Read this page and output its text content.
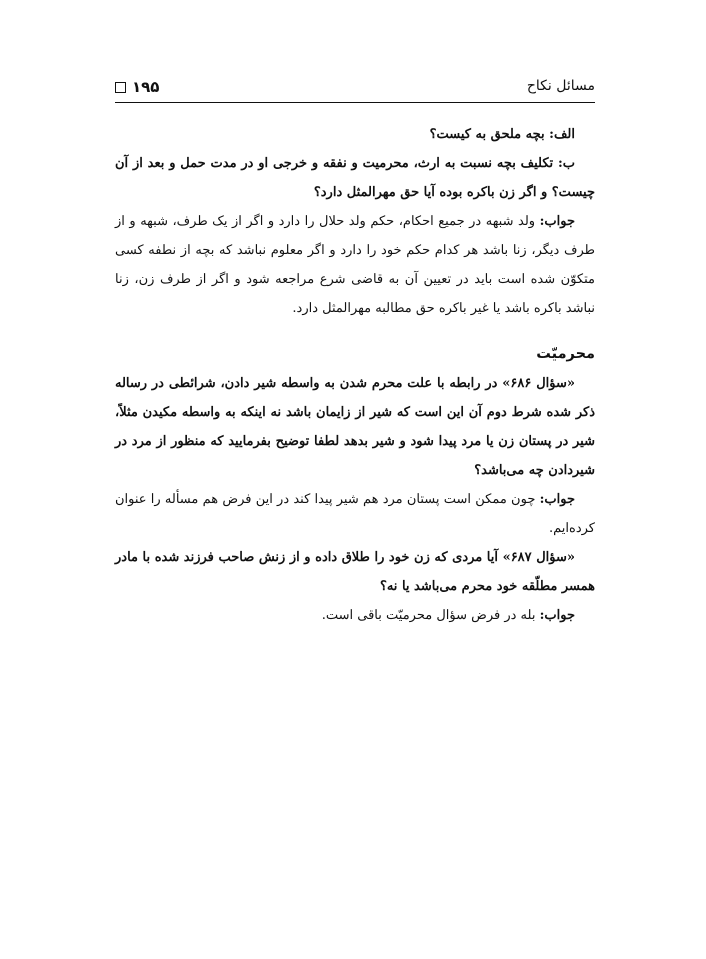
مسائل نکاح
۱۹۵
الف: بچه ملحق به کیست؟
ب: تکلیف بچه نسبت به ارث، محرمیت و نفقه و خرجی او در مدت حمل و بعد از آن چیست؟ و اگر زن باکره بوده آیا حق مهرالمثل دارد؟
جواب: ولد شبهه در جمیع احکام، حکم ولد حلال را دارد و اگر از یک طرف، شبهه و از طرف دیگر، زنا باشد هر کدام حکم خود را دارد و اگر معلوم نباشد که بچه از نطفه کسی متکوّن شده است باید در تعیین آن به قاضی شرع مراجعه شود و اگر از طرف زن، زنا نباشد باکره باشد یا غیر باکره حق مطالبه مهرالمثل دارد.
محرمیّت
«سؤال ۶۸۶» در رابطه با علت محرم شدن به واسطه شیر دادن، شرائطی در رساله ذکر شده شرط دوم آن این است که شیر از زایمان باشد نه اینکه به واسطه مکیدن مثلاً، شیر در پستان زن یا مرد پیدا شود و شیر بدهد لطفا توضیح بفرمایید که منظور از مرد در شیردادن چه می‌باشد؟
جواب: چون ممکن است پستان مرد هم شیر پیدا کند در این فرض هم مسأله را عنوان کرده‌ایم.
«سؤال ۶۸۷» آیا مردی که زن خود را طلاق داده و از زنش صاحب فرزند شده با مادر همسر مطلّقه خود محرم می‌باشد یا نه؟
جواب: بله در فرض سؤال محرمیّت باقی است.
